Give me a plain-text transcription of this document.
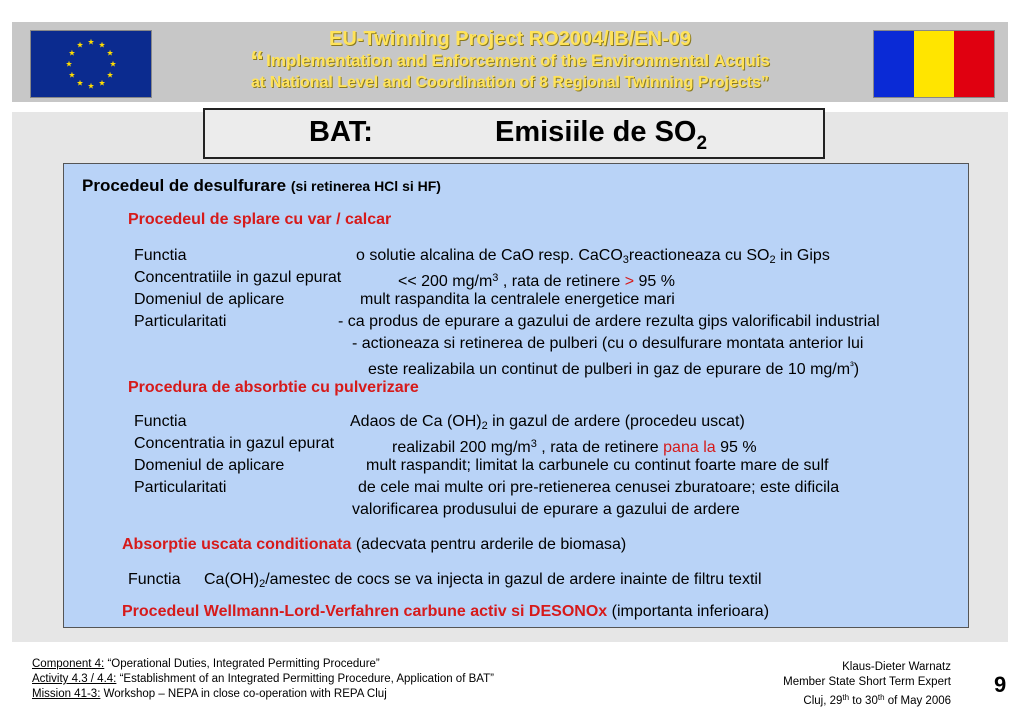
EU-Twinning Project RO2004/IB/EN-09
“ Implementation and Enforcement of the Environmental Acquis
at National Level and Coordination of 8 Regional Twinning Projects”
BAT:	Emisiile de $SO_2$
Procedeul de desulfurare (si retinerea HCl si HF)
Procedeul de splare cu var / calcar
Functia	o solutie alcalina de CaO resp. CaCO$_3$reactioneaza cu $SO_2$ in Gips
Concentratiile in gazul epurat	<< 200 $mg/m^3$ , rata de retinere > 95 %
Domeniul de aplicare	mult raspandita la centralele energetice mari
Particularitati	- ca produs de epurare a gazului de ardere rezulta gips valorificabil industrial
- actioneaza si retinerea de pulberi (cu o desulfurare montata anterior lui
este realizabila un continut de pulberi in gaz de epurare de 10 $mg/m^{^3}$)
Procedura de absorbtie cu pulverizare
Functia	Adaos de Ca $(OH)_2$ in gazul de ardere (procedeu uscat)
Concentratia in gazul epurat	realizabil 200 $mg/m^3$ , rata de retinere pana la 95 %
Domeniul de aplicare	mult raspandit; limitat la carbunele cu continut foarte mare de sulf
Particularitati	de cele mai multe ori pre-retienerea cenusei zburatoare; este dificila
valorificarea produsului de epurare a gazului de ardere
Absorptie uscata conditionata (adecvata pentru arderile de biomasa)
Functia $Ca(OH)_2$/amestec de cocs se va injecta in gazul de ardere inainte de filtru textil
Procedeul Wellmann-Lord-Verfahren carbune activ si DESONOx (importanta inferioara)
Component 4: “Operational Duties, Integrated Permitting Procedure”
Activity 4.3 / 4.4: “Establishment of an Integrated Permitting Procedure, Application of BAT”
Mission 41-3: Workshop – NEPA in close co-operation with REPA Cluj
Klaus-Dieter Warnatz
Member State Short Term Expert
Cluj, 29th to 30th of May 2006
9
